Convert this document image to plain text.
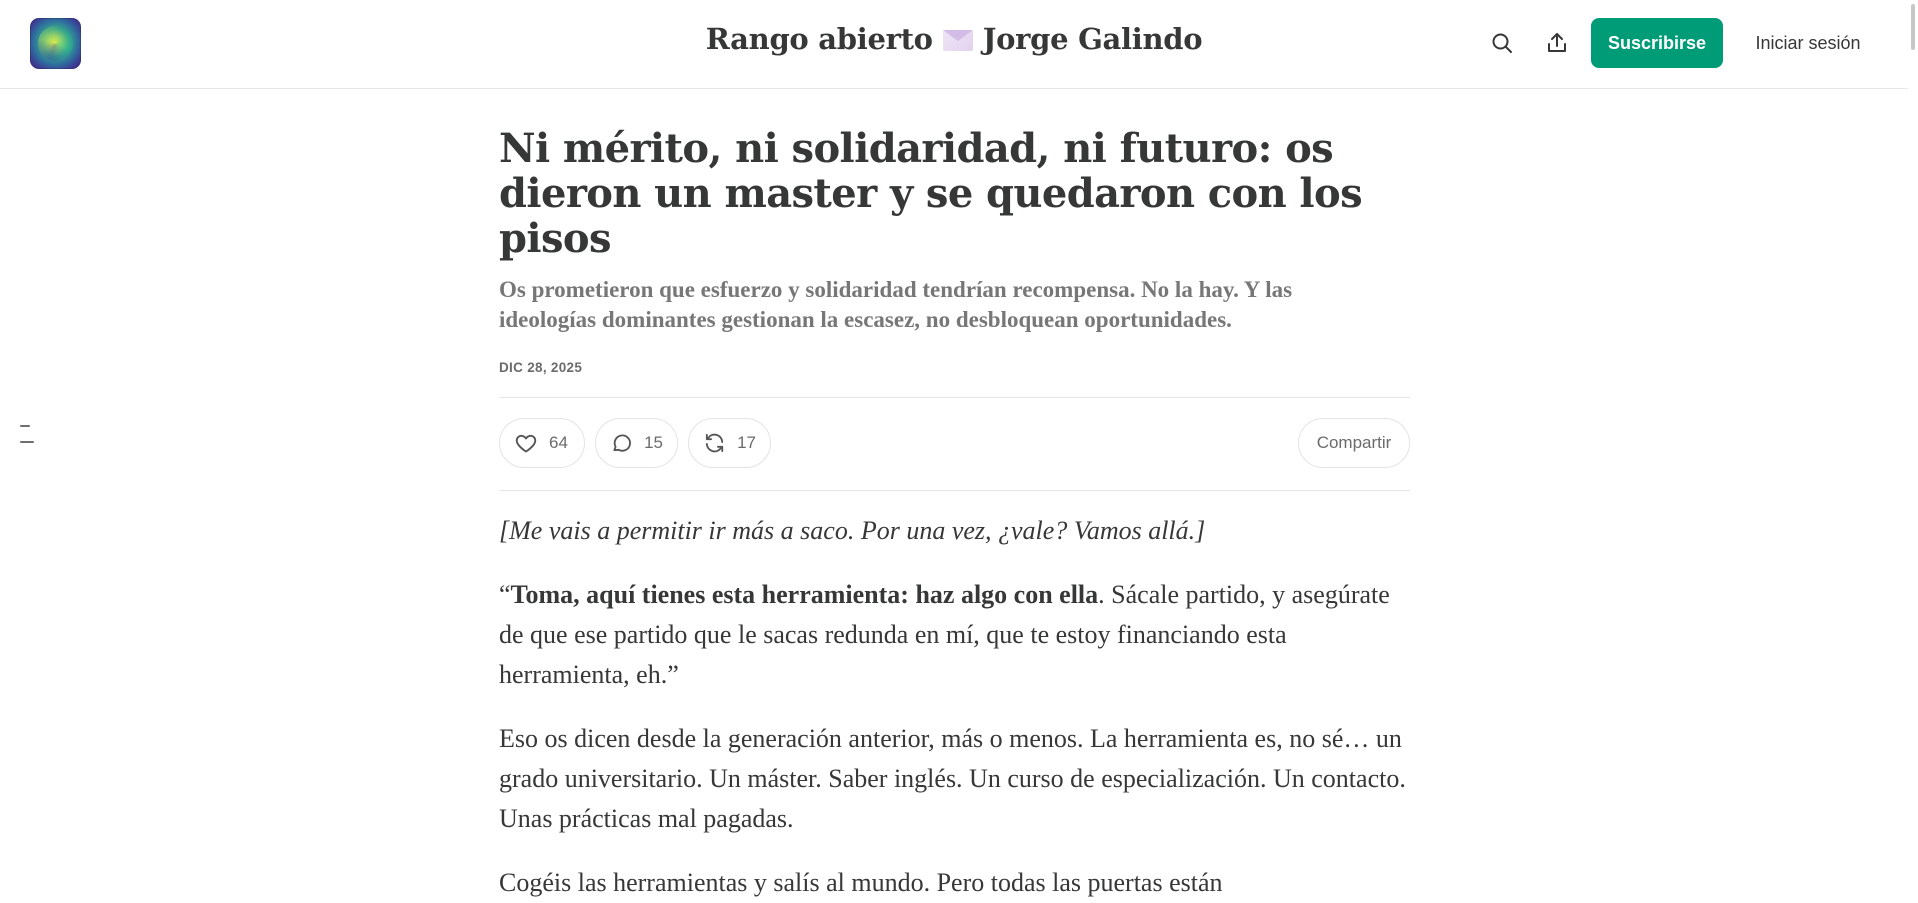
Rango abierto Jorge Galindo	Suscribirse	Iniciar sesión
Ni mérito, ni solidaridad, ni futuro: os dieron un master y se quedaron con los pisos
Os prometieron que esfuerzo y solidaridad tendrían recompensa. No la hay. Y las ideologías dominantes gestionan la escasez, no desbloquean oportunidades.
DIC 28, 2025
64	15	17	Compartir

[Me vais a permitir ir más a saco. Por una vez, ¿vale? Vamos allá.]

“Toma, aquí tienes esta herramienta: haz algo con ella. Sácale partido, y asegúrate de que ese partido que le sacas redunda en mí, que te estoy financiando esta herramienta, eh.”

Eso os dicen desde la generación anterior, más o menos. La herramienta es, no sé… un grado universitario. Un máster. Saber inglés. Un curso de especialización. Un contacto. Unas prácticas mal pagadas.

Cogéis las herramientas y salís al mundo. Pero todas las puertas están
